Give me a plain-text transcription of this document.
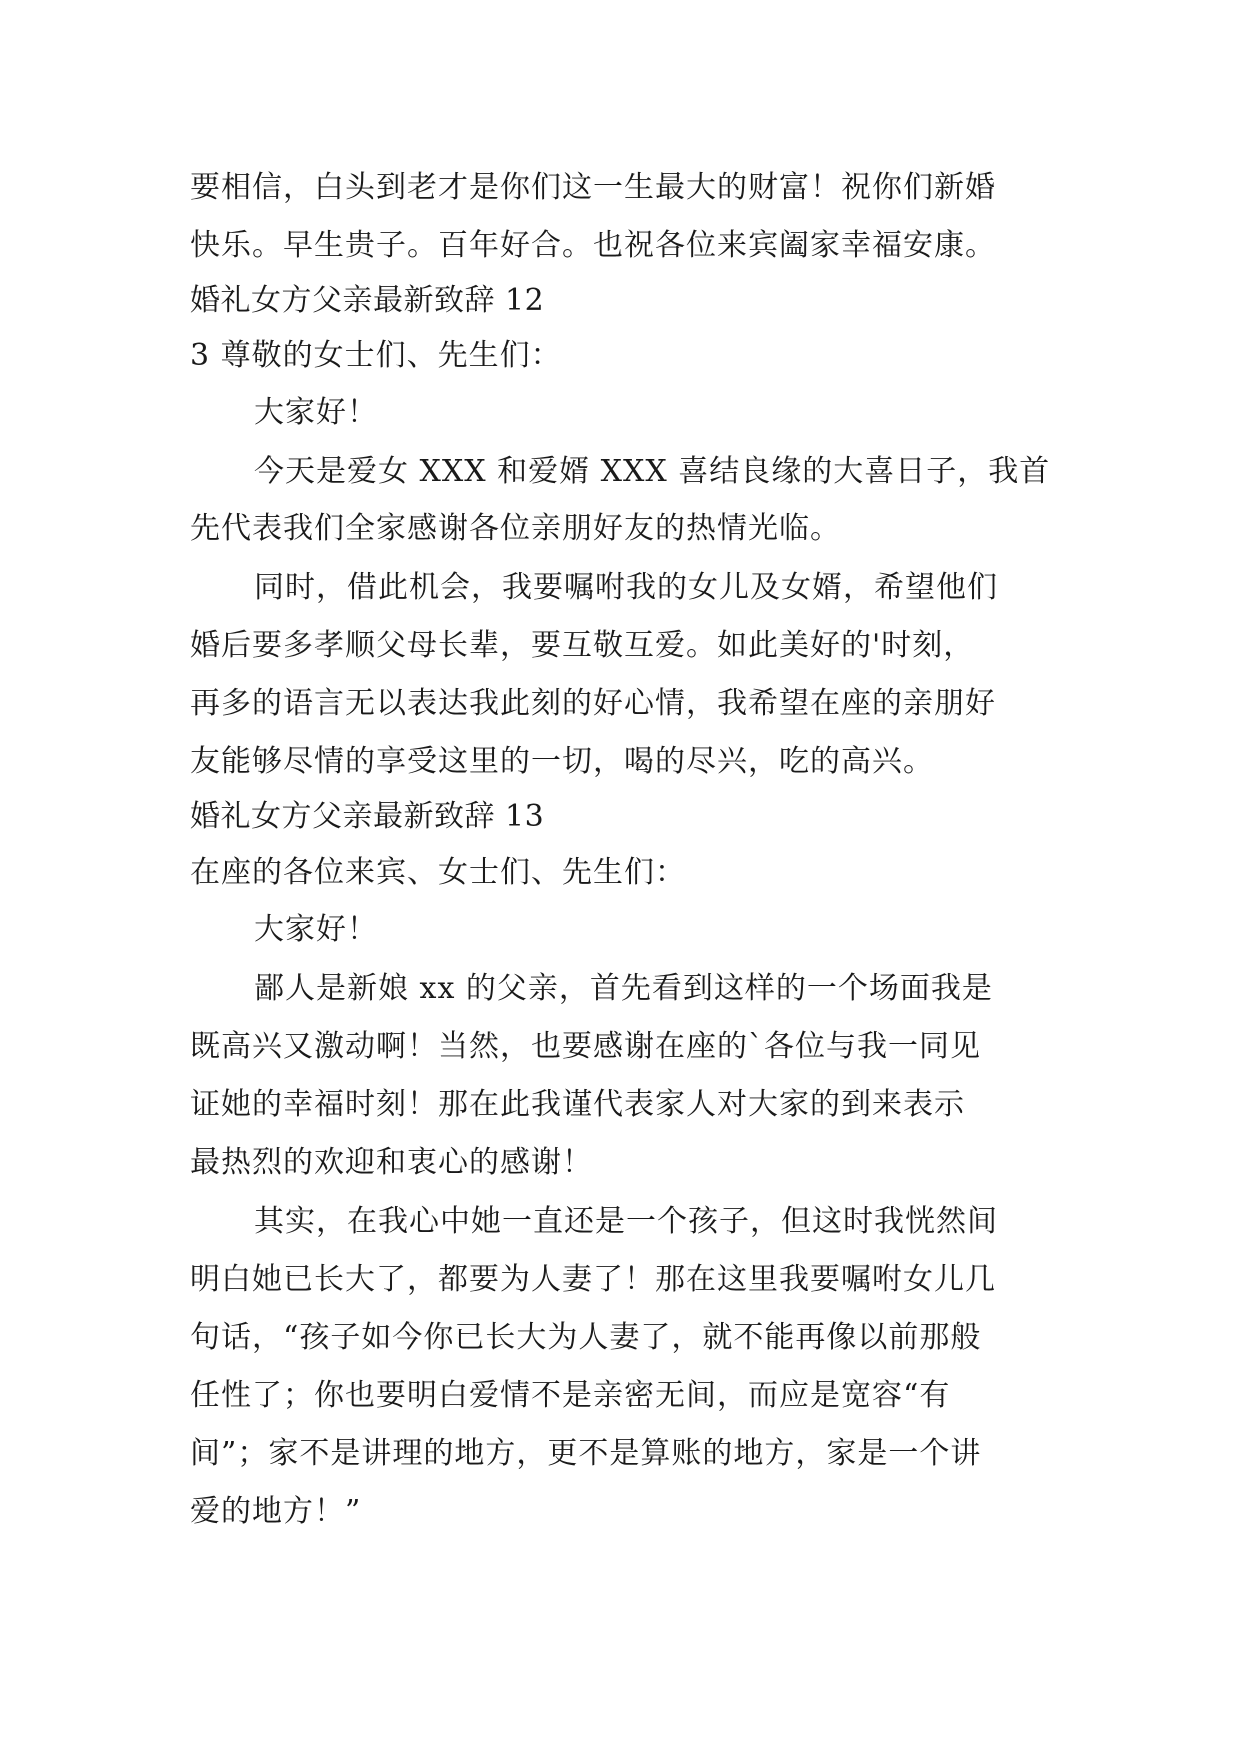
要相信，白头到老才是你们这一生最大的财富！祝你们新婚
快乐。早生贵子。百年好合。也祝各位来宾阖家幸福安康。
婚礼女方父亲最新致辞 12
3 尊敬的女士们、先生们：
大家好！
今天是爱女 XXX 和爱婿 XXX 喜结良缘的大喜日子，我首
先代表我们全家感谢各位亲朋好友的热情光临。
同时，借此机会，我要嘱咐我的女儿及女婿，希望他们
婚后要多孝顺父母长辈，要互敬互爱。如此美好的'时刻，
再多的语言无以表达我此刻的好心情，我希望在座的亲朋好
友能够尽情的享受这里的一切，喝的尽兴，吃的高兴。
婚礼女方父亲最新致辞 13
在座的各位来宾、女士们、先生们：
大家好！
鄙人是新娘 xx 的父亲，首先看到这样的一个场面我是
既高兴又激动啊！当然，也要感谢在座的`各位与我一同见
证她的幸福时刻！那在此我谨代表家人对大家的到来表示
最热烈的欢迎和衷心的感谢！
其实，在我心中她一直还是一个孩子，但这时我恍然间
明白她已长大了，都要为人妻了！那在这里我要嘱咐女儿几
句话，“孩子如今你已长大为人妻了，就不能再像以前那般
任性了；你也要明白爱情不是亲密无间，而应是宽容“有
间”；家不是讲理的地方，更不是算账的地方，家是一个讲
爱的地方！”
